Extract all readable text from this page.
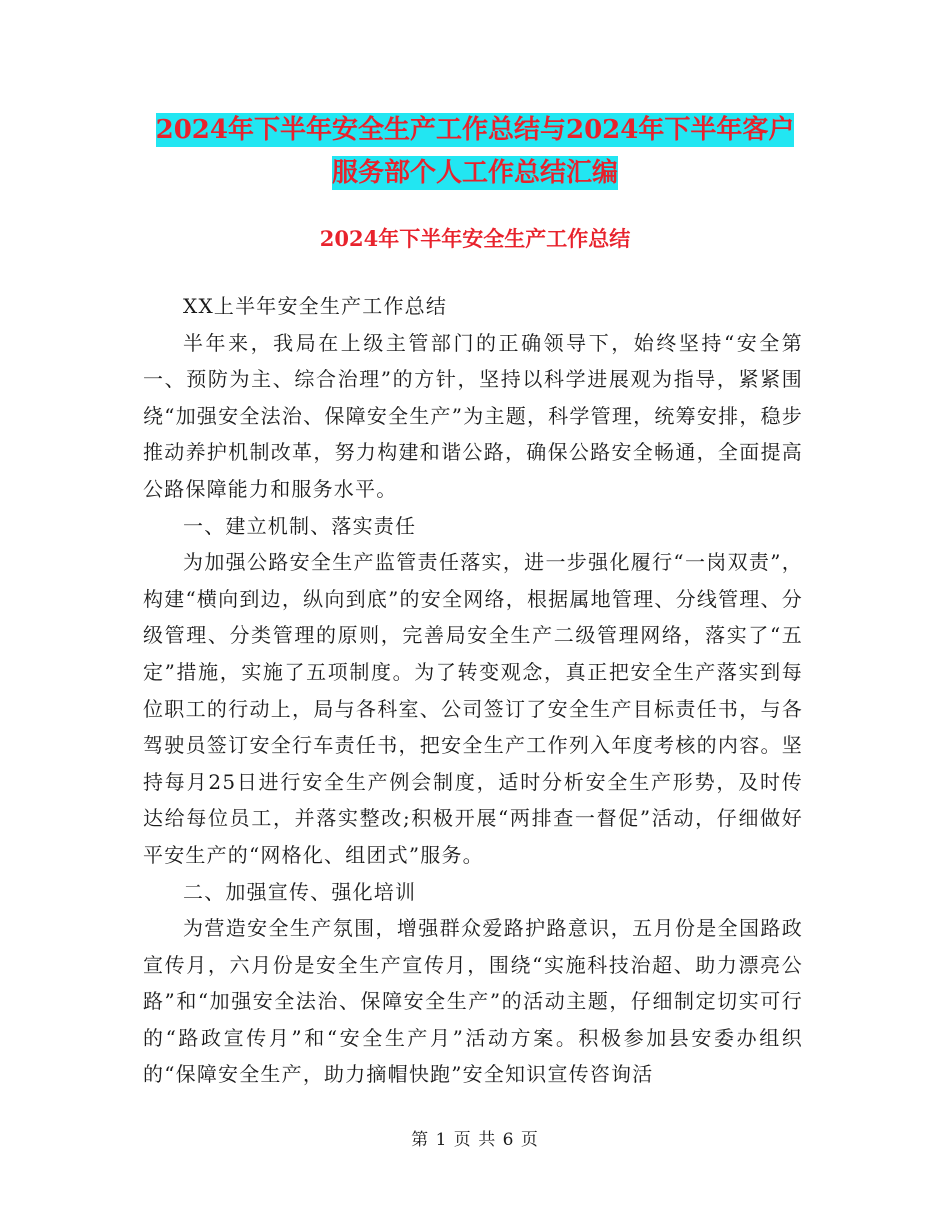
2024年下半年安全生产工作总结与2024年下半年客户
服务部个人工作总结汇编
2024年下半年安全生产工作总结

XX上半年安全生产工作总结

半年来，我局在上级主管部门的正确领导下，始终坚持“安全第一、预防为主、综合治理”的方针，坚持以科学进展观为指导，紧紧围绕“加强安全法治、保障安全生产”为主题，科学管理，统筹安排，稳步推动养护机制改革，努力构建和谐公路，确保公路安全畅通，全面提高公路保障能力和服务水平。

一、建立机制、落实责任

为加强公路安全生产监管责任落实，进一步强化履行“一岗双责”，构建“横向到边，纵向到底”的安全网络，根据属地管理、分线管理、分级管理、分类管理的原则，完善局安全生产二级管理网络，落实了“五定”措施，实施了五项制度。为了转变观念，真正把安全生产落实到每位职工的行动上，局与各科室、公司签订了安全生产目标责任书，与各驾驶员签订安全行车责任书，把安全生产工作列入年度考核的内容。坚持每月25日进行安全生产例会制度，适时分析安全生产形势，及时传达给每位员工，并落实整改;积极开展“两排查一督促”活动，仔细做好平安生产的“网格化、组团式”服务。

二、加强宣传、强化培训

为营造安全生产氛围，增强群众爱路护路意识，五月份是全国路政宣传月，六月份是安全生产宣传月，围绕“实施科技治超、助力漂亮公路”和“加强安全法治、保障安全生产”的活动主题，仔细制定切实可行的“路政宣传月”和“安全生产月”活动方案。积极参加县安委办组织的“保障安全生产，助力摘帽快跑”安全知识宣传咨询活

第 1 页 共 6 页
